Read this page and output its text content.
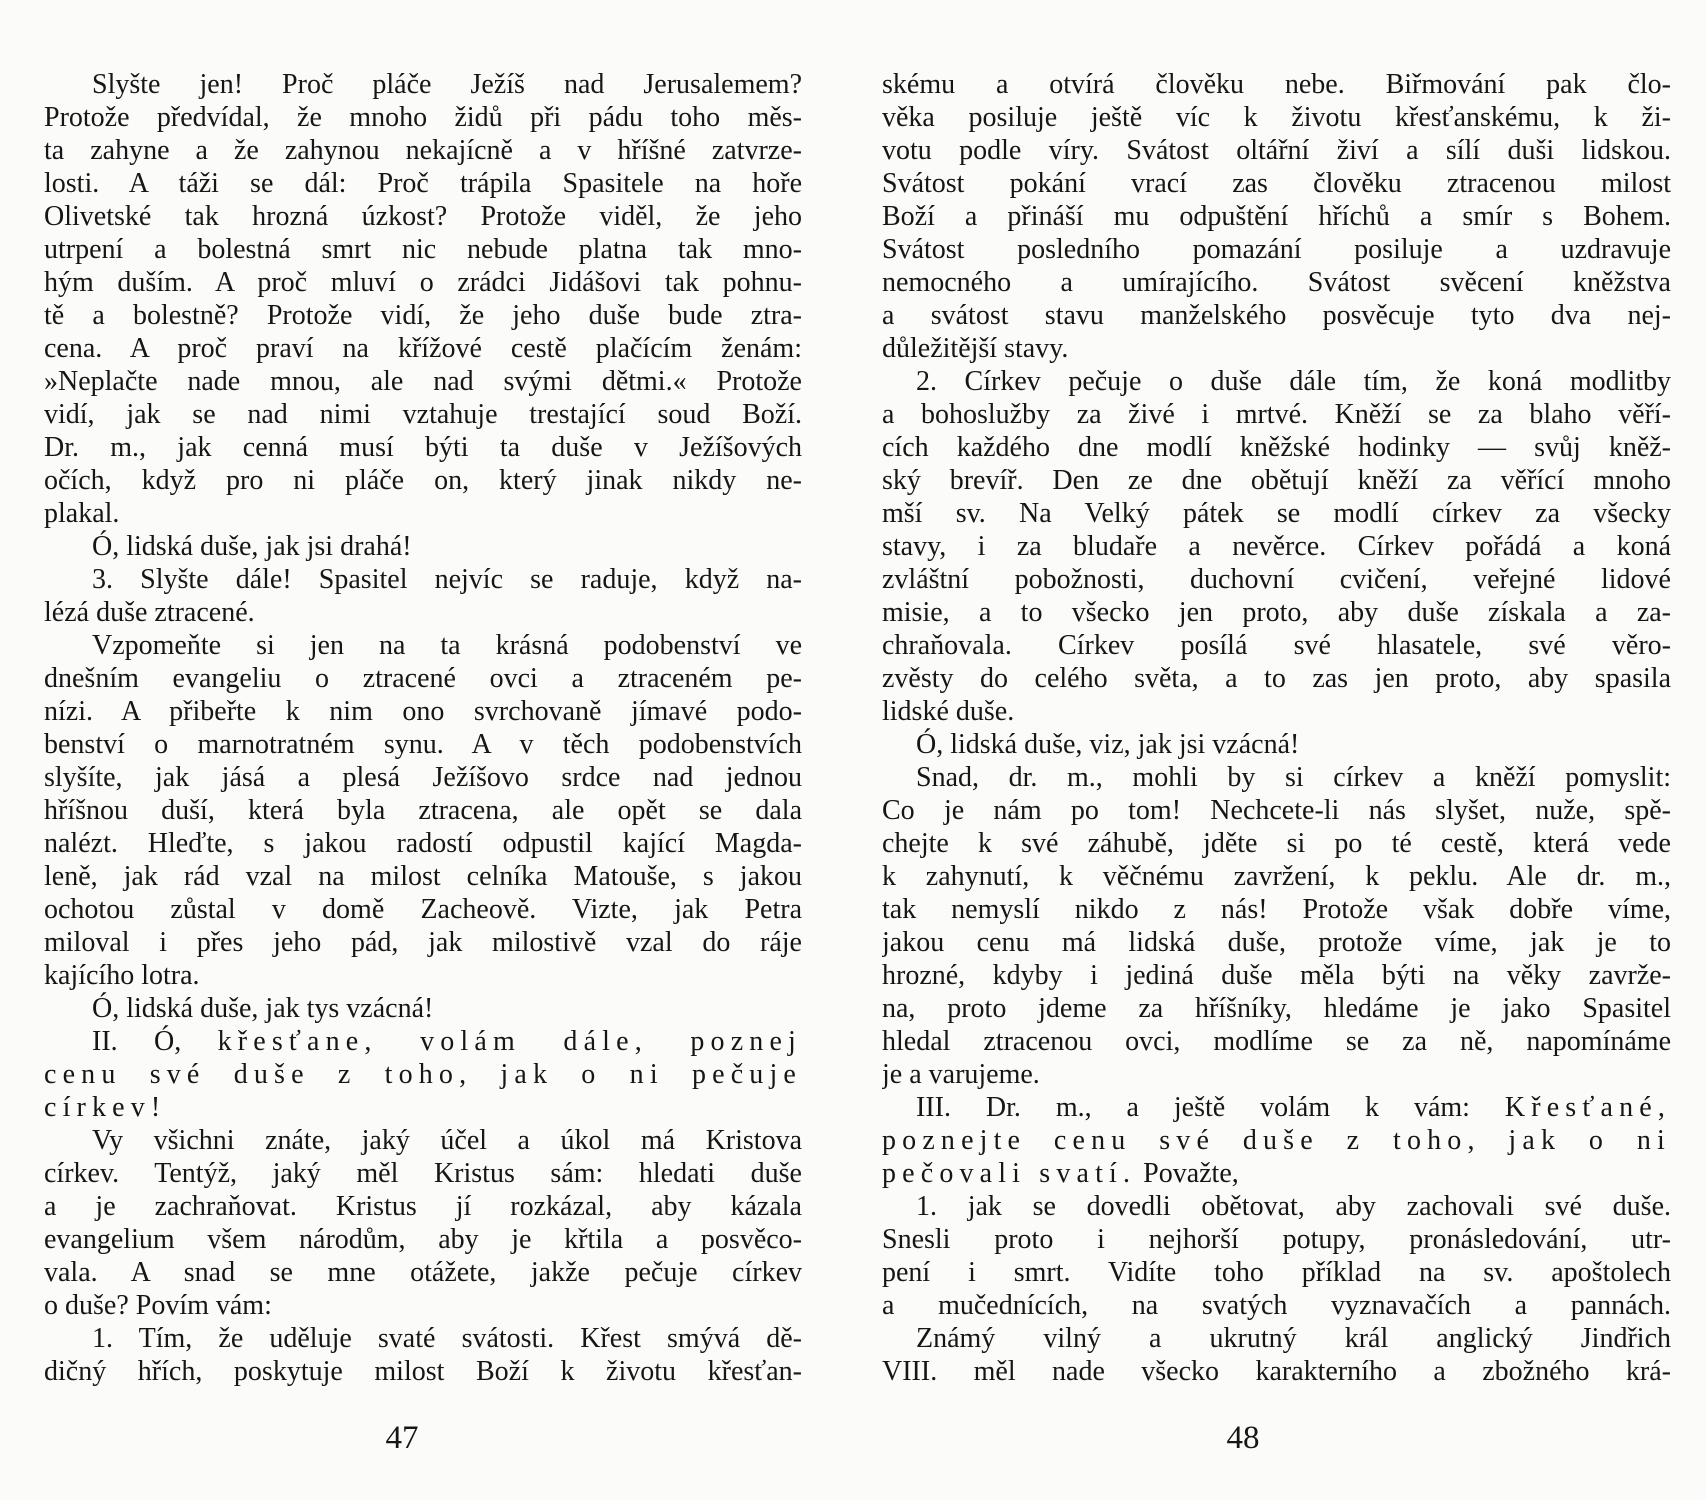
Slyšte jen! Proč pláče Ježíš nad Jerusalemem?
Protože předvídal, že mnoho židů při pádu toho měs-
ta zahyne a že zahynou nekajícně a v hříšné zatvrze-
losti. A táži se dál: Proč trápila Spasitele na hoře
Olivetské tak hrozná úzkost? Protože viděl, že jeho
utrpení a bolestná smrt nic nebude platna tak mno-
hým duším. A proč mluví o zrádci Jidášovi tak pohnu-
tě a bolestně? Protože vidí, že jeho duše bude ztra-
cena. A proč praví na křížové cestě plačícím ženám:
»Neplačte nade mnou, ale nad svými dětmi.« Protože
vidí, jak se nad nimi vztahuje trestající soud Boží.
Dr. m., jak cenná musí býti ta duše v Ježíšových
očích, když pro ni pláče on, který jinak nikdy ne-
plakal.
Ó, lidská duše, jak jsi drahá!
3. Slyšte dále! Spasitel nejvíc se raduje, když na-
lézá duše ztracené.
Vzpomeňte si jen na ta krásná podobenství ve
dnešním evangeliu o ztracené ovci a ztraceném pe-
nízi. A přibeřte k nim ono svrchovaně jímavé podo-
benství o marnotratném synu. A v těch podobenstvích
slyšíte, jak jásá a plesá Ježíšovo srdce nad jednou
hříšnou duší, která byla ztracena, ale opět se dala
nalézt. Hleďte, s jakou radostí odpustil kající Magda-
leně, jak rád vzal na milost celníka Matouše, s jakou
ochotou zůstal v domě Zacheově. Vizte, jak Petra
miloval i přes jeho pád, jak milostivě vzal do ráje
kajícího lotra.
Ó, lidská duše, jak tys vzácná!
II. Ó, křesťane, volám dále, poznej
cenu své duše z toho, jak o ni pečuje
církev!
Vy všichni znáte, jaký účel a úkol má Kristova
církev. Tentýž, jaký měl Kristus sám: hledati duše
a je zachraňovat. Kristus jí rozkázal, aby kázala
evangelium všem národům, aby je křtila a posvěco-
vala. A snad se mne otážete, jakže pečuje církev
o duše? Povím vám:
1. Tím, že uděluje svaté svátosti. Křest smývá dě-
dičný hřích, poskytuje milost Boží k životu křesťan-
skému a otvírá člověku nebe. Biřmování pak člo-
věka posiluje ještě víc k životu křesťanskému, k ži-
votu podle víry. Svátost oltářní živí a sílí duši lidskou.
Svátost pokání vrací zas člověku ztracenou milost
Boží a přináší mu odpuštění hříchů a smír s Bohem.
Svátost posledního pomazání posiluje a uzdravuje
nemocného a umírajícího. Svátost svěcení kněžstva
a svátost stavu manželského posvěcuje tyto dva nej-
důležitější stavy.
2. Církev pečuje o duše dále tím, že koná modlitby
a bohoslužby za živé i mrtvé. Kněží se za blaho věří-
cích každého dne modlí kněžské hodinky — svůj kněž-
ský brevíř. Den ze dne obětují kněží za věřící mnoho
mší sv. Na Velký pátek se modlí církev za všecky
stavy, i za bludaře a nevěrce. Církev pořádá a koná
zvláštní pobožnosti, duchovní cvičení, veřejné lidové
misie, a to všecko jen proto, aby duše získala a za-
chraňovala. Církev posílá své hlasatele, své věro-
zvěsty do celého světa, a to zas jen proto, aby spasila
lidské duše.
Ó, lidská duše, viz, jak jsi vzácná!
Snad, dr. m., mohli by si církev a kněží pomyslit:
Co je nám po tom! Nechcete-li nás slyšet, nuže, spě-
chejte k své záhubě, jděte si po té cestě, která vede
k zahynutí, k věčnému zavržení, k peklu. Ale dr. m.,
tak nemyslí nikdo z nás! Protože však dobře víme,
jakou cenu má lidská duše, protože víme, jak je to
hrozné, kdyby i jediná duše měla býti na věky zavrže-
na, proto jdeme za hříšníky, hledáme je jako Spasitel
hledal ztracenou ovci, modlíme se za ně, napomínáme
je a varujeme.
III. Dr. m., a ještě volám k vám: Křesťané,
poznejte cenu své duše z toho, jak o ni
pečovali svatí. Považte,
1. jak se dovedli obětovat, aby zachovali své duše.
Snesli proto i nejhorší potupy, pronásledování, utr-
pení i smrt. Vidíte toho příklad na sv. apoštolech
a mučednících, na svatých vyznavačích a pannách.
Známý vilný a ukrutný král anglický Jindřich
VIII. měl nade všecko karakterního a zbožného krá-
47	48
